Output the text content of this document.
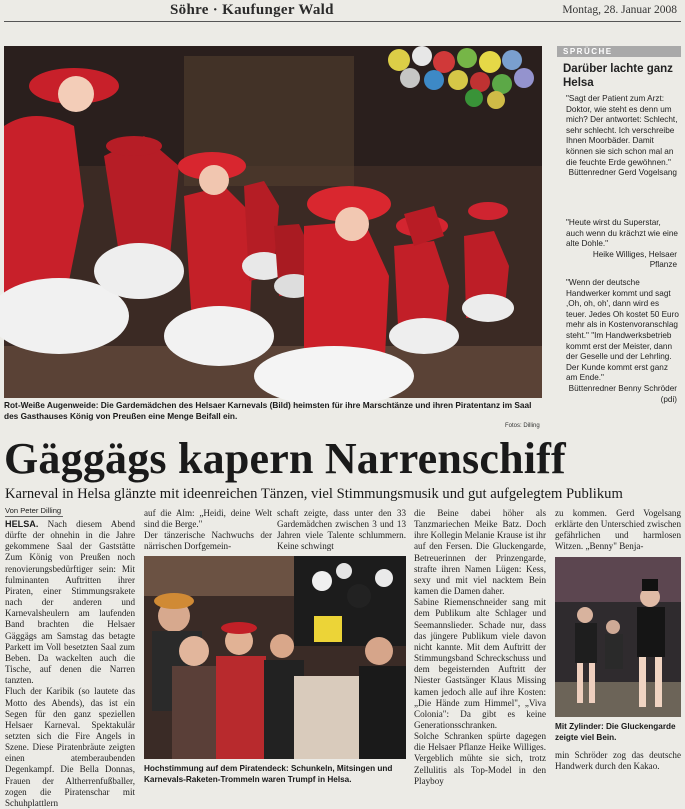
Söhre · Kaufunger Wald	Montag, 28. Januar 2008
Rot-Weiße Augenweide: Die Gardemädchen des Helsaer Karnevals (Bild) heimsten für ihre Marschtänze und ihren Piratentanz im Saal des Gasthauses König von Preußen eine Menge Beifall ein.
Fotos: Dilling
SPRÜCHE
Darüber lachte ganz Helsa
"Sagt der Patient zum Arzt: Doktor, wie steht es denn um mich? Der antwortet: Schlecht, sehr schlecht. Ich verschreibe Ihnen Moorbäder. Damit können sie sich schon mal an die feuchte Erde gewöhnen."
Büttenredner Gerd Vogelsang
"Heute wirst du Superstar, auch wenn du krächzt wie eine alte Dohle."
Heike Williges, Helsaer Pflanze
"Wenn der deutsche Handwerker kommt und sagt ,Oh, oh, oh', dann wird es teuer. Jedes Oh kostet 50 Euro mehr als in Kostenvoranschlag steht." "Im Handwerksbetrieb kommt erst der Meister, dann der Geselle und der Lehrling. Der Kunde kommt erst ganz am Ende."
Büttenredner Benny Schröder (pdi)
Gäggägs kapern Narrenschiff
Karneval in Helsa glänzte mit ideenreichen Tänzen, viel Stimmungsmusik und gut aufgelegtem Publikum
Von Peter Dilling
HELSA. Nach diesem Abend dürfte der ohnehin in die Jahre gekommene Saal der Gaststätte Zum König von Preußen noch renovierungsbedürftiger sein: Mit fulminanten Auftritten ihrer Piraten, einer Stimmungsrakete nach der anderen und Karnevalsheulern am laufenden Band brachten die Helsaer Gäggägs am Samstag das betagte Parkett im Voll besetzten Saal zum Beben. Da wackelten auch die Tische, auf denen die Narren tanzten.
Fluch der Karibik (so lautete das Motto des Abends), das ist ein Segen für den ganz speziellen Helsaer Karneval. Spektakulär setzten sich die Fire Angels in Szene. Diese Piratenbräute zeigten einen atemberaubenden Degenkampf. Die Bella Donnas, Frauen der Altherrenfußballer, zogen die Piratenschar mit Schuhplattlern
auf die Alm: „Heidi, deine Welt sind die Berge."
Der tänzerische Nachwuchs der närrischen Dorfgemein-
schaft zeigte, dass unter den 33 Gardemädchen zwischen 3 und 13 Jahren viele Talente schlummern. Keine schwingt
Hochstimmung auf dem Piratendeck: Schunkeln, Mitsingen und Karnevals-Raketen-Trommeln waren Trumpf in Helsa.
die Beine dabei höher als Tanzmariechen Meike Batz. Doch ihre Kollegin Melanie Krause ist ihr auf den Fersen. Die Gluckengarde, Betreuerinnen der Prinzengarde, strafte ihren Namen Lügen: Kess, sexy und mit viel nacktem Bein kamen die Damen daher.
Sabine Riemenschneider sang mit dem Publikum alte Schlager und Seemannslieder. Schade nur, dass das jüngere Publikum viele davon nicht kannte. Mit dem Auftritt der Stimmungsband Schreckschuss und dem begeisternden Auftritt der Niester Gastsänger Klaus Missing kamen jedoch alle auf ihre Kosten: „Die Hände zum Himmel", „Viva Colonia": Da gibt es keine Generationsschranken.
Solche Schranken spürte dagegen die Helsaer Pflanze Heike Williges. Vergeblich mühte sie sich, trotz Zellulitis als Top-Model in den Playboy
zu kommen. Gerd Vogelsang erklärte den Unterschied zwischen gefährlichen und harmlosen Witzen. „Benny" Benja-
Mit Zylinder: Die Gluckengarde zeigte viel Bein.
min Schröder zog das deutsche Handwerk durch den Kakao.
